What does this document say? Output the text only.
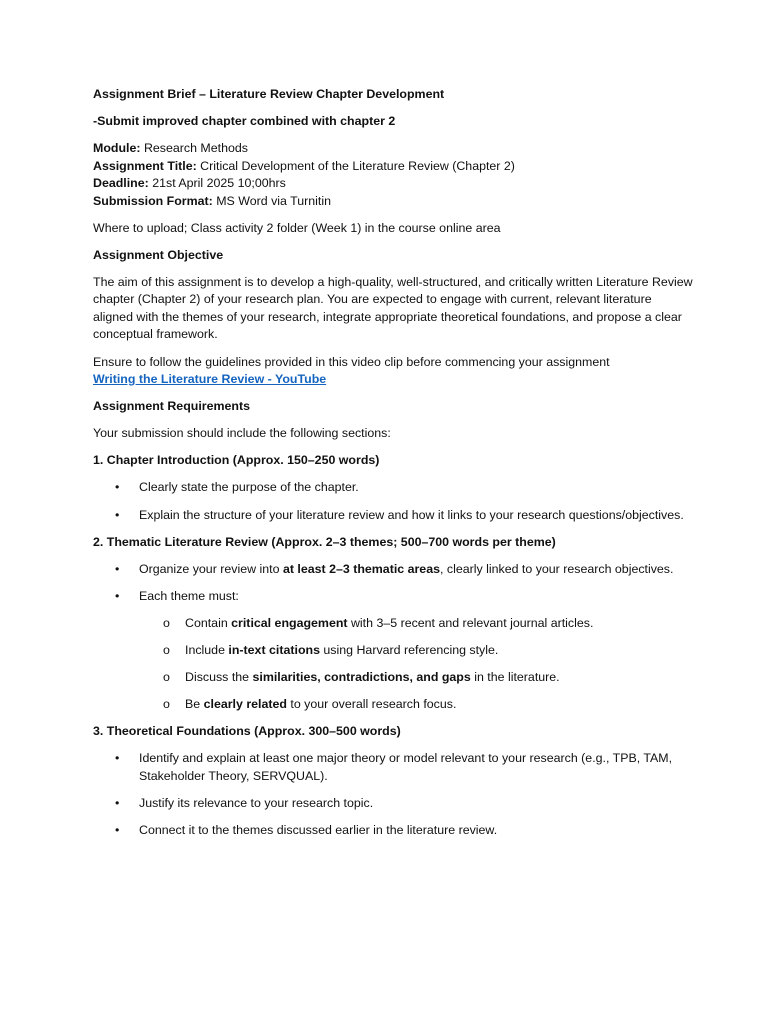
Assignment Brief – Literature Review Chapter Development

-Submit improved chapter combined with chapter 2

Module: Research Methods
Assignment Title: Critical Development of the Literature Review (Chapter 2)
Deadline: 21st April 2025 10;00hrs
Submission Format: MS Word via Turnitin

Where to upload; Class activity 2 folder (Week 1) in the course online area

Assignment Objective

The aim of this assignment is to develop a high-quality, well-structured, and critically written Literature Review chapter (Chapter 2) of your research plan. You are expected to engage with current, relevant literature aligned with the themes of your research, integrate appropriate theoretical foundations, and propose a clear conceptual framework.

Ensure to follow the guidelines provided in this video clip before commencing your assignment
Writing the Literature Review - YouTube

Assignment Requirements

Your submission should include the following sections:

1. Chapter Introduction (Approx. 150–250 words)

• Clearly state the purpose of the chapter.
• Explain the structure of your literature review and how it links to your research questions/objectives.

2. Thematic Literature Review (Approx. 2–3 themes; 500–700 words per theme)

• Organize your review into at least 2–3 thematic areas, clearly linked to your research objectives.
• Each theme must:
o Contain critical engagement with 3–5 recent and relevant journal articles.
o Include in-text citations using Harvard referencing style.
o Discuss the similarities, contradictions, and gaps in the literature.
o Be clearly related to your overall research focus.

3. Theoretical Foundations (Approx. 300–500 words)

• Identify and explain at least one major theory or model relevant to your research (e.g., TPB, TAM, Stakeholder Theory, SERVQUAL).
• Justify its relevance to your research topic.
• Connect it to the themes discussed earlier in the literature review.
